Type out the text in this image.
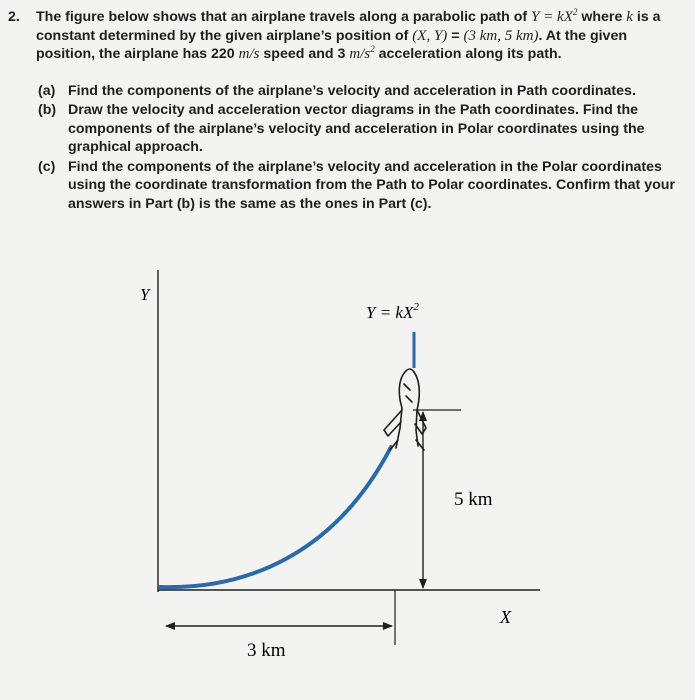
2. The figure below shows that an airplane travels along a parabolic path of $Y = kX^2$ where k is a constant determined by the given airplane’s position of (X, Y) = (3 km, 5 km). At the given position, the airplane has 220 m/s speed and 3 $m/s^2$ acceleration along its path.
(a) Find the components of the airplane’s velocity and acceleration in Path coordinates.
(b) Draw the velocity and acceleration vector diagrams in the Path coordinates. Find the components of the airplane’s velocity and acceleration in Polar coordinates using the graphical approach.
(c) Find the components of the airplane’s velocity and acceleration in the Polar coordinates using the coordinate transformation from the Path to Polar coordinates. Confirm that your answers in Part (b) is the same as the ones in Part (c).
Y
X
5 km
3 km
$Y = kX^2$
